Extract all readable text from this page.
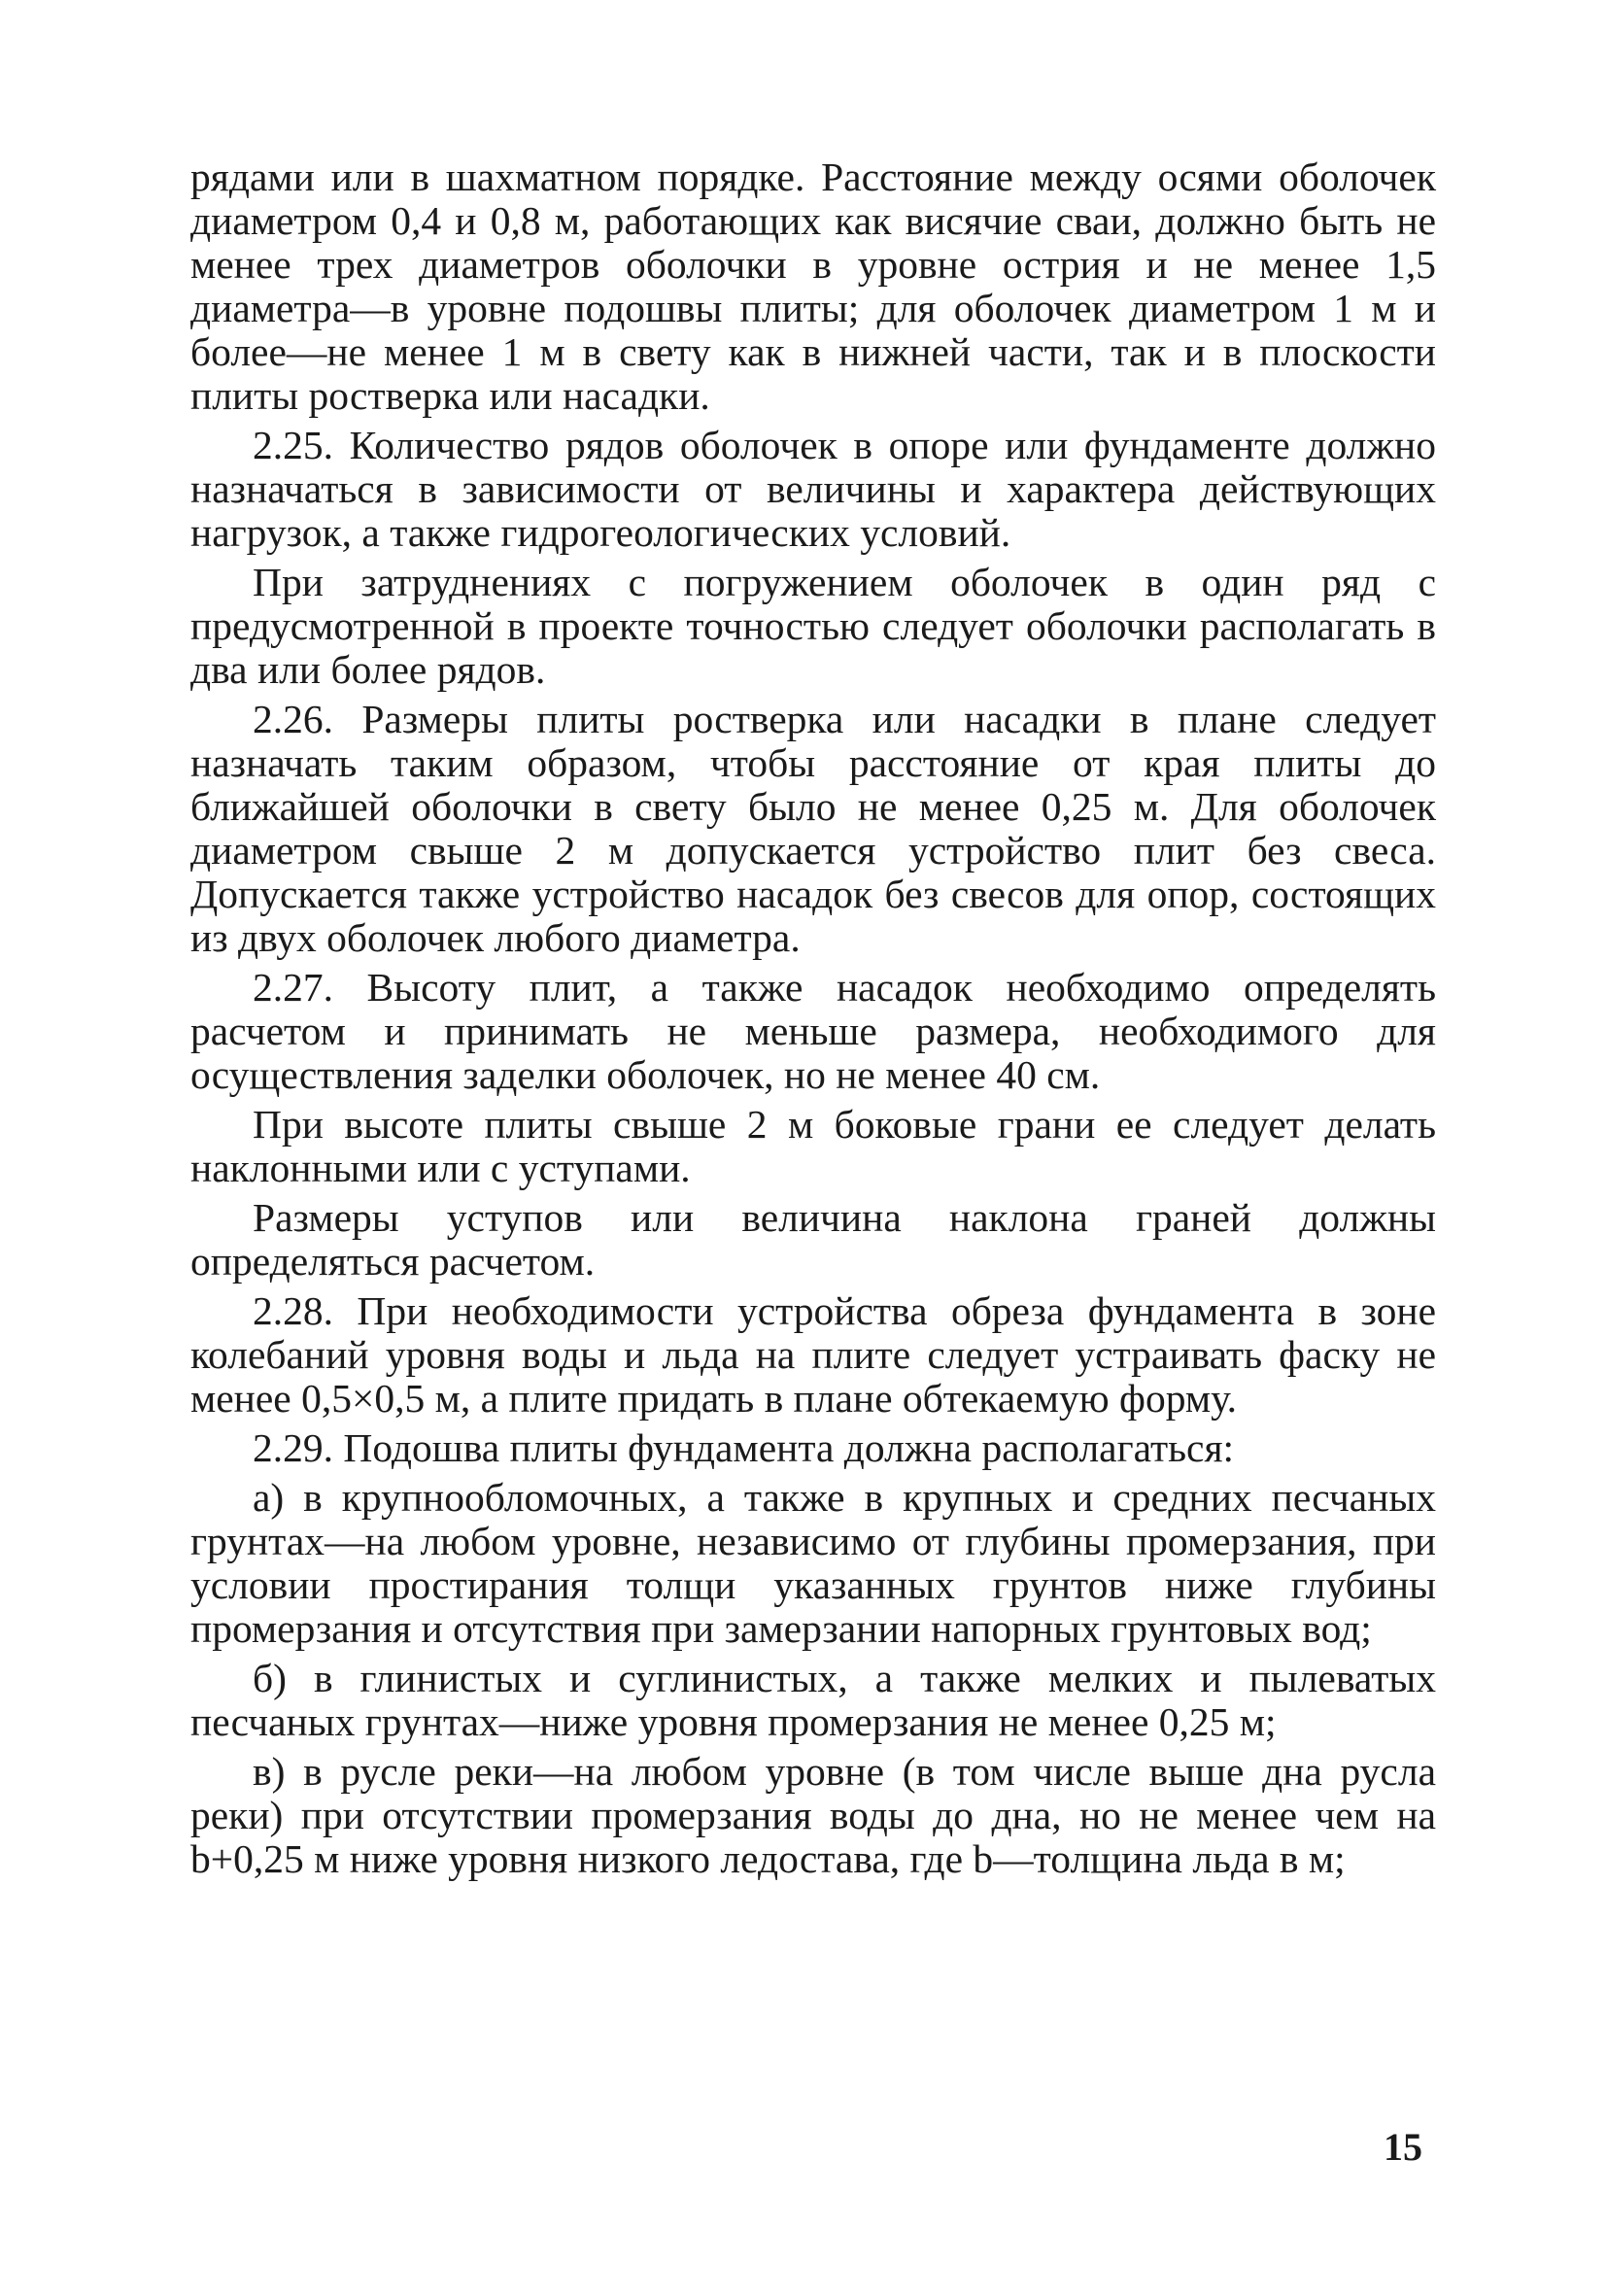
рядами или в шахматном порядке. Расстояние между осями оболочек диаметром 0,4 и 0,8 м, работающих как висячие сваи, должно быть не менее трех диаметров оболочки в уровне острия и не менее 1,5 диаметра—в уровне подошвы плиты; для оболочек диаметром 1 м и более—не менее 1 м в свету как в нижней части, так и в плоскости плиты ростверка или насадки.

2.25. Количество рядов оболочек в опоре или фундаменте должно назначаться в зависимости от величины и характера действующих нагрузок, а также гидрогеологических условий.

При затруднениях с погружением оболочек в один ряд с предусмотренной в проекте точностью следует оболочки располагать в два или более рядов.

2.26. Размеры плиты ростверка или насадки в плане следует назначать таким образом, чтобы расстояние от края плиты до ближайшей оболочки в свету было не менее 0,25 м. Для оболочек диаметром свыше 2 м допускается устройство плит без свеса. Допускается также устройство насадок без свесов для опор, состоящих из двух оболочек любого диаметра.

2.27. Высоту плит, а также насадок необходимо определять расчетом и принимать не меньше размера, необходимого для осуществления заделки оболочек, но не менее 40 см.

При высоте плиты свыше 2 м боковые грани ее следует делать наклонными или с уступами.

Размеры уступов или величина наклона граней должны определяться расчетом.

2.28. При необходимости устройства обреза фундамента в зоне колебаний уровня воды и льда на плите следует устраивать фаску не менее 0,5×0,5 м, а плите придать в плане обтекаемую форму.

2.29. Подошва плиты фундамента должна располагаться:

а) в крупнообломочных, а также в крупных и средних песчаных грунтах—на любом уровне, независимо от глубины промерзания, при условии простирания толщи указанных грунтов ниже глубины промерзания и отсутствия при замерзании напорных грунтовых вод;

б) в глинистых и суглинистых, а также мелких и пылеватых песчаных грунтах—ниже уровня промерзания не менее 0,25 м;

в) в русле реки—на любом уровне (в том числе выше дна русла реки) при отсутствии промерзания воды до дна, но не менее чем на b+0,25 м ниже уровня низкого ледостава, где b—толщина льда в м;

15
